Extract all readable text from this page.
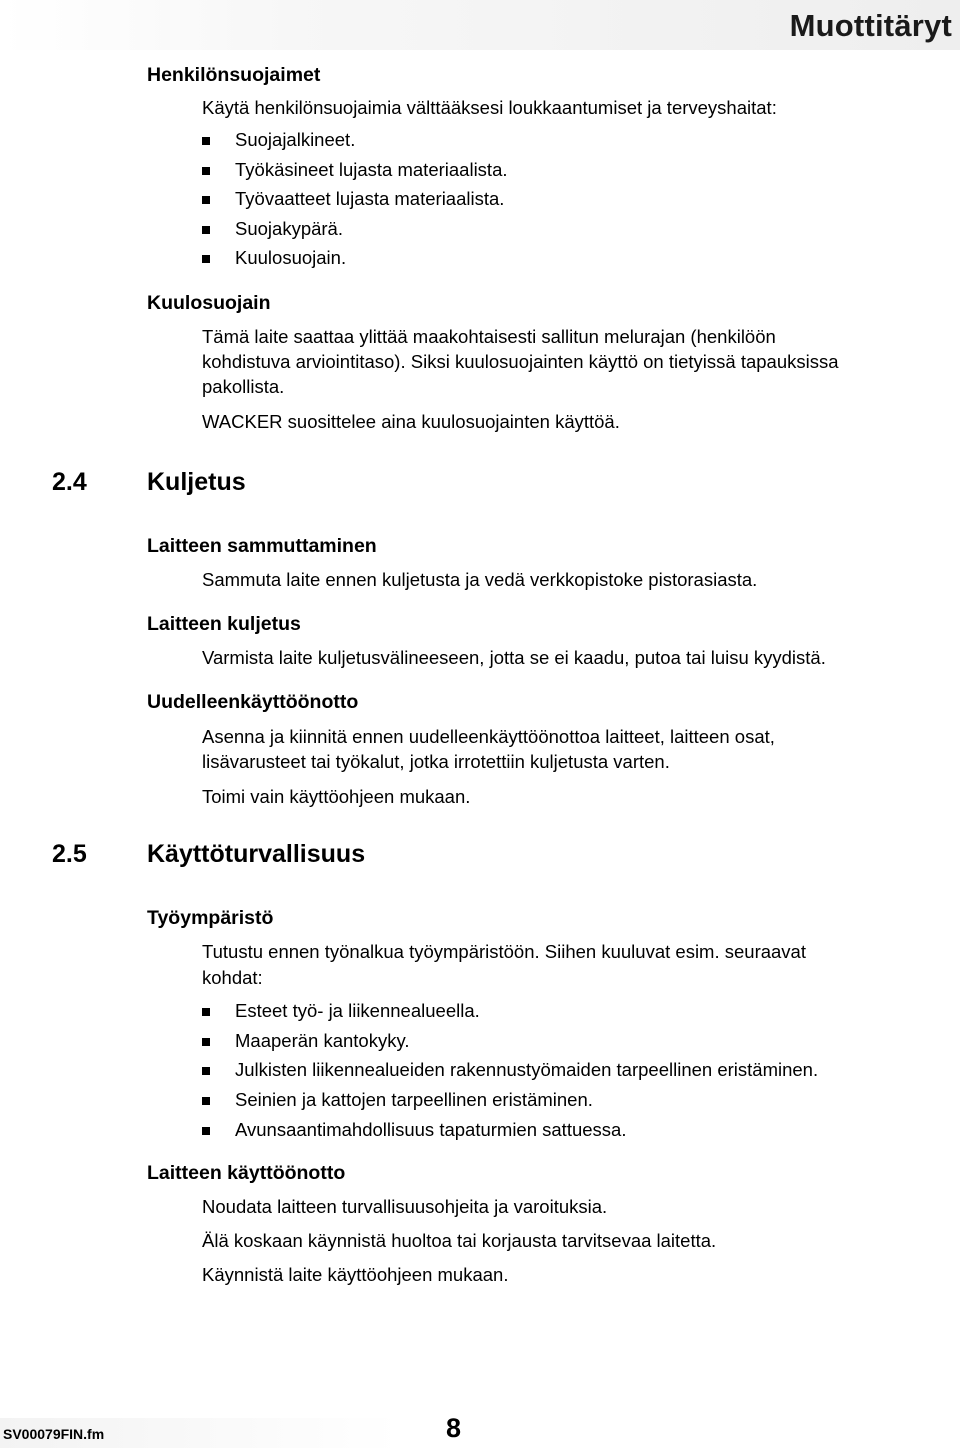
Muottitäryt
Henkilönsuojaimet
Käytä henkilönsuojaimia välttääksesi loukkaantumiset ja terveyshaitat:
Suojajalkineet.
Työkäsineet lujasta materiaalista.
Työvaatteet lujasta materiaalista.
Suojakypärä.
Kuulosuojain.
Kuulosuojain
Tämä laite saattaa ylittää maakohtaisesti sallitun melurajan (henkilöön
kohdistuva arviointitaso). Siksi kuulosuojainten käyttö on tietyissä tapauksissa
pakollista.
WACKER suosittelee aina kuulosuojainten käyttöä.
2.4 Kuljetus
Laitteen sammuttaminen
Sammuta laite ennen kuljetusta ja vedä verkkopistoke pistorasiasta.
Laitteen kuljetus
Varmista laite kuljetusvälineeseen, jotta se ei kaadu, putoa tai luisu kyydistä.
Uudelleenkäyttöönotto
Asenna ja kiinnitä ennen uudelleenkäyttöönottoa laitteet, laitteen osat,
lisävarusteet tai työkalut, jotka irrotettiin kuljetusta varten.
Toimi vain käyttöohjeen mukaan.
2.5 Käyttöturvallisuus
Työympäristö
Tutustu ennen työnalkua työympäristöön. Siihen kuuluvat esim. seuraavat
kohdat:
Esteet työ- ja liikennealueella.
Maaperän kantokyky.
Julkisten liikennealueiden rakennustyömaiden tarpeellinen eristäminen.
Seinien ja kattojen tarpeellinen eristäminen.
Avunsaantimahdollisuus tapaturmien sattuessa.
Laitteen käyttöönotto
Noudata laitteen turvallisuusohjeita ja varoituksia.
Älä koskaan käynnistä huoltoa tai korjausta tarvitsevaa laitetta.
Käynnistä laite käyttöohjeen mukaan.
SV00079FIN.fm	8
